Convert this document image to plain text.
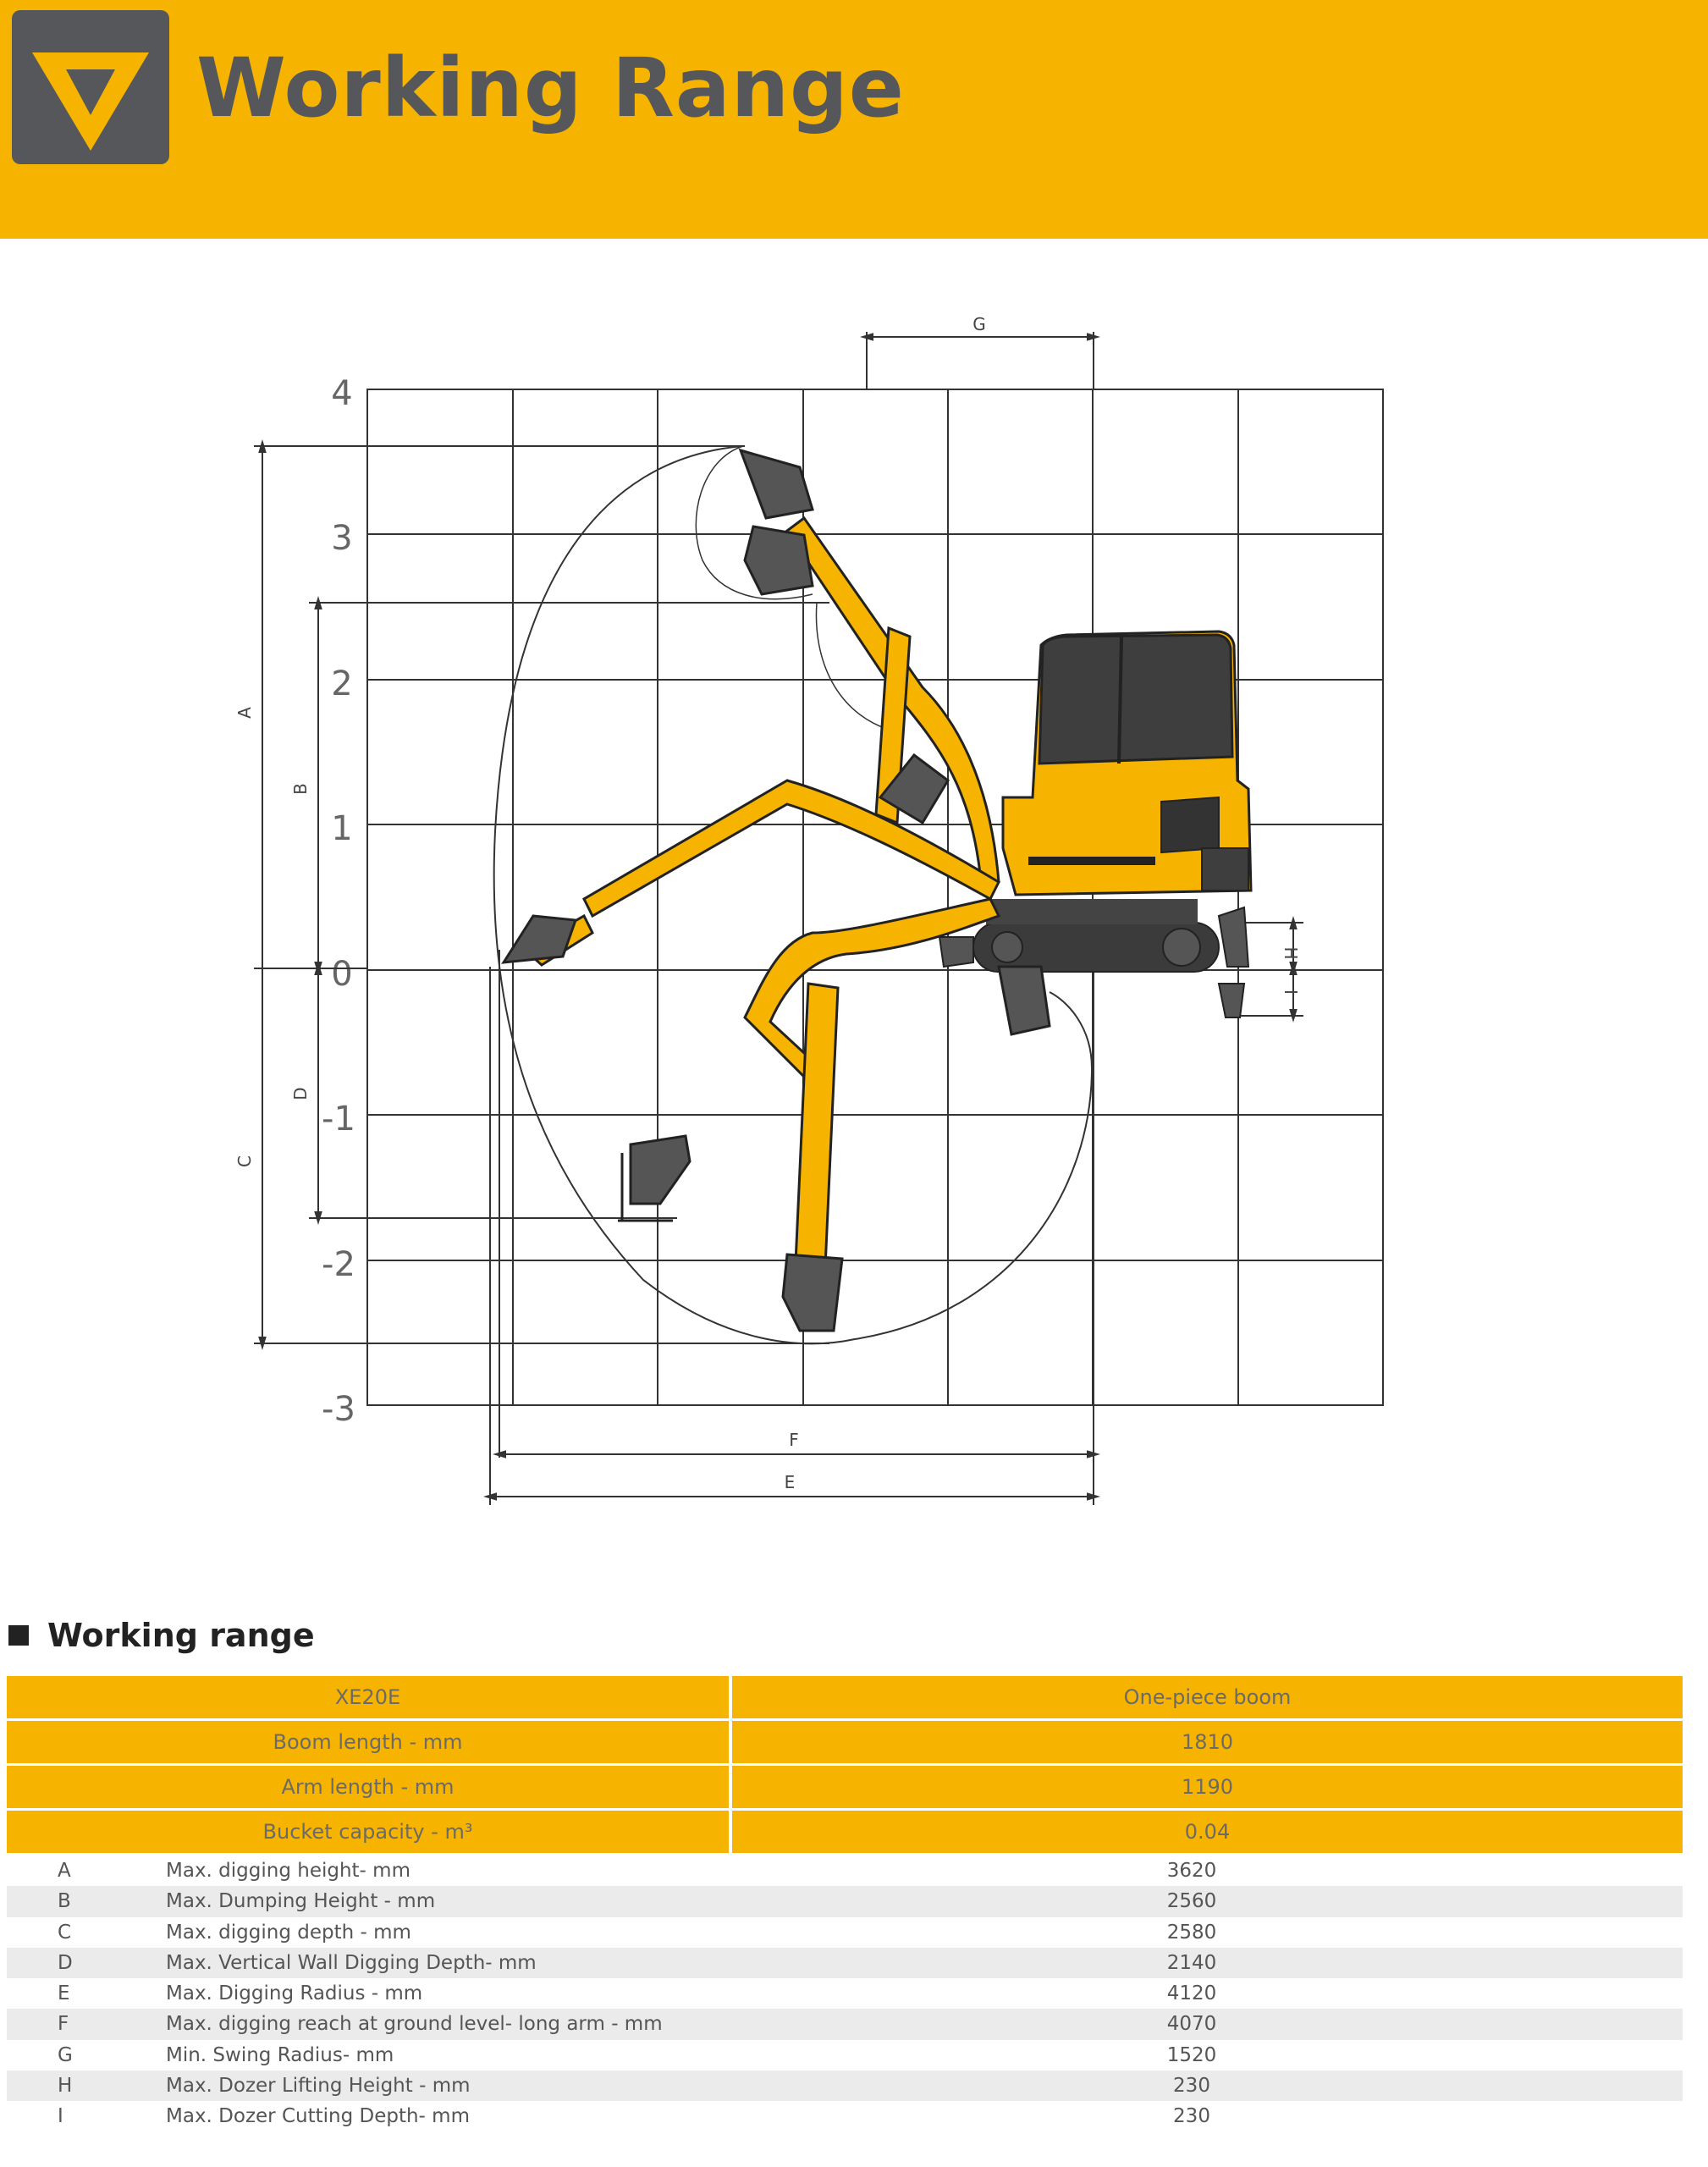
Working Range
4
3
2
1
0
-1
-2
-3
A
B
C
D
E
F
G
H
I
Working range
XE20E	One-piece boom
Boom length - mm	1810
Arm length - mm	1190
Bucket capacity - m³	0.04
A	Max. digging height- mm	3620
B	Max. Dumping Height - mm	2560
C	Max. digging depth - mm	2580
D	Max. Vertical Wall Digging Depth- mm	2140
E	Max. Digging Radius - mm	4120
F	Max. digging reach at ground level- long arm - mm	4070
G	Min. Swing Radius- mm	1520
H	Max. Dozer Lifting Height - mm	230
I	Max. Dozer Cutting Depth- mm	230
